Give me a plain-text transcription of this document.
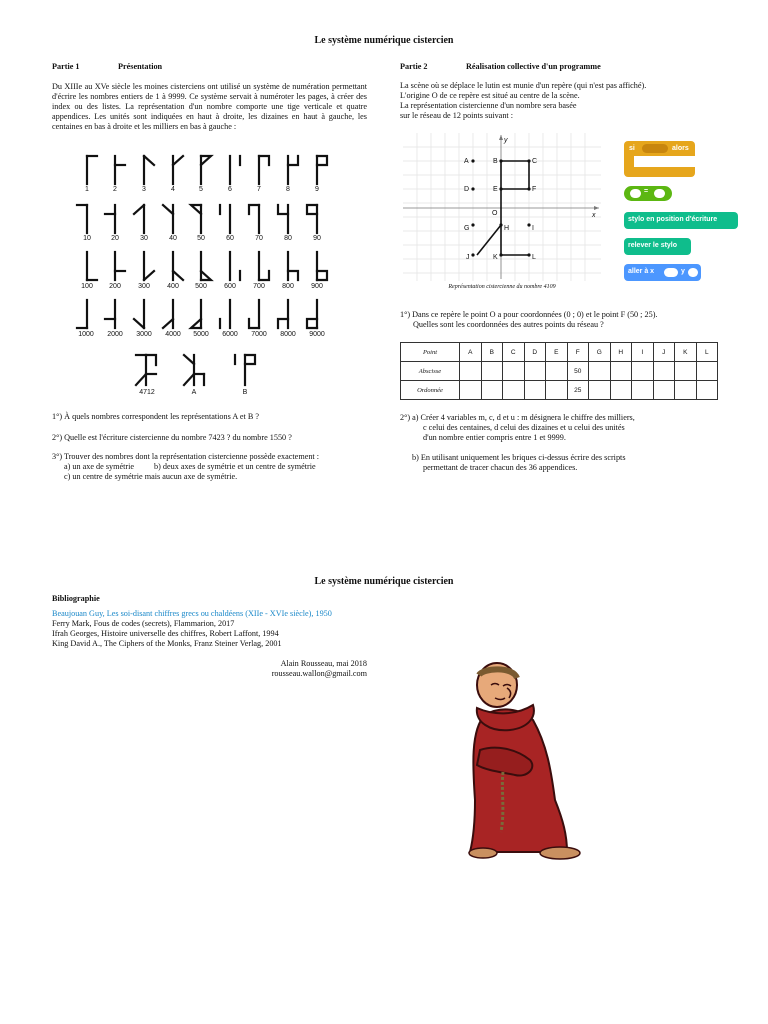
Le système numérique cistercien
Partie 1	Présentation
Du XIIIe au XVe siècle les moines cisterciens ont utilisé un système de numération permettant d'écrire les nombres entiers de 1 à 9999. Ce système servait à numéroter les pages, à créer des index ou des listes. La représentation d'un nombre comporte une tige verticale et quatre appendices. Les unités sont indiquées en haut à droite, les dizaines en haut à gauche, les centaines en bas à droite et les milliers en bas à gauche :
1	2	3	4	5	6	7	8	9
10	20	30	40	50	60	70	80	90
100	200	300	400	500	600	700	800	900
1000	2000	3000	4000	5000	6000	7000	8000	9000
4712	A	B
1°) À quels nombres correspondent les représentations A et B ?
2°) Quelle est l'écriture cistercienne du nombre 7423 ? du nombre 1550 ?
3°) Trouver des nombres dont la représentation cistercienne possède exactement :
a) un axe de symétrie b) deux axes de symétrie et un centre de symétrie
c) un centre de symétrie mais aucun axe de symétrie.
Partie 2	Réalisation collective d'un programme
La scène où se déplace le lutin est munie d'un repère (qui n'est pas affiché).
L'origine O de ce repère est situé au centre de la scène.
La représentation cistercienne d'un nombre sera basée
sur le réseau de 12 points suivant :
A	B	C
D	E	F
O
G	H	I
J	K	L
x
y
Représentation cistercienne du nombre 4109
si	alors
=
stylo en position d'écriture
relever le stylo
aller à x	y
1°) Dans ce repère le point O a pour coordonnées (0 ; 0) et le point F (50 ; 25).
Quelles sont les coordonnées des autres points du réseau ?
Point	A	B	C	D	E	F	G	H	I	J	K	L
Abscisse						50						
Ordonnée						25						
2°) a) Créer 4 variables m, c, d et u : m désignera le chiffre des milliers,
c celui des centaines, d celui des dizaines et u celui des unités
d'un nombre entier compris entre 1 et 9999.
b) En utilisant uniquement les briques ci-dessus écrire des scripts
permettant de tracer chacun des 36 appendices.
Le système numérique cistercien
Bibliographie
Beaujouan Guy, Les soi-disant chiffres grecs ou chaldéens (XIIe - XVIe siècle), 1950
Ferry Mark, Fous de codes (secrets), Flammarion, 2017
Ifrah Georges, Histoire universelle des chiffres, Robert Laffont, 1994
King David A., The Ciphers of the Monks, Franz Steiner Verlag, 2001
Alain Rousseau, mai 2018
rousseau.wallon@gmail.com
